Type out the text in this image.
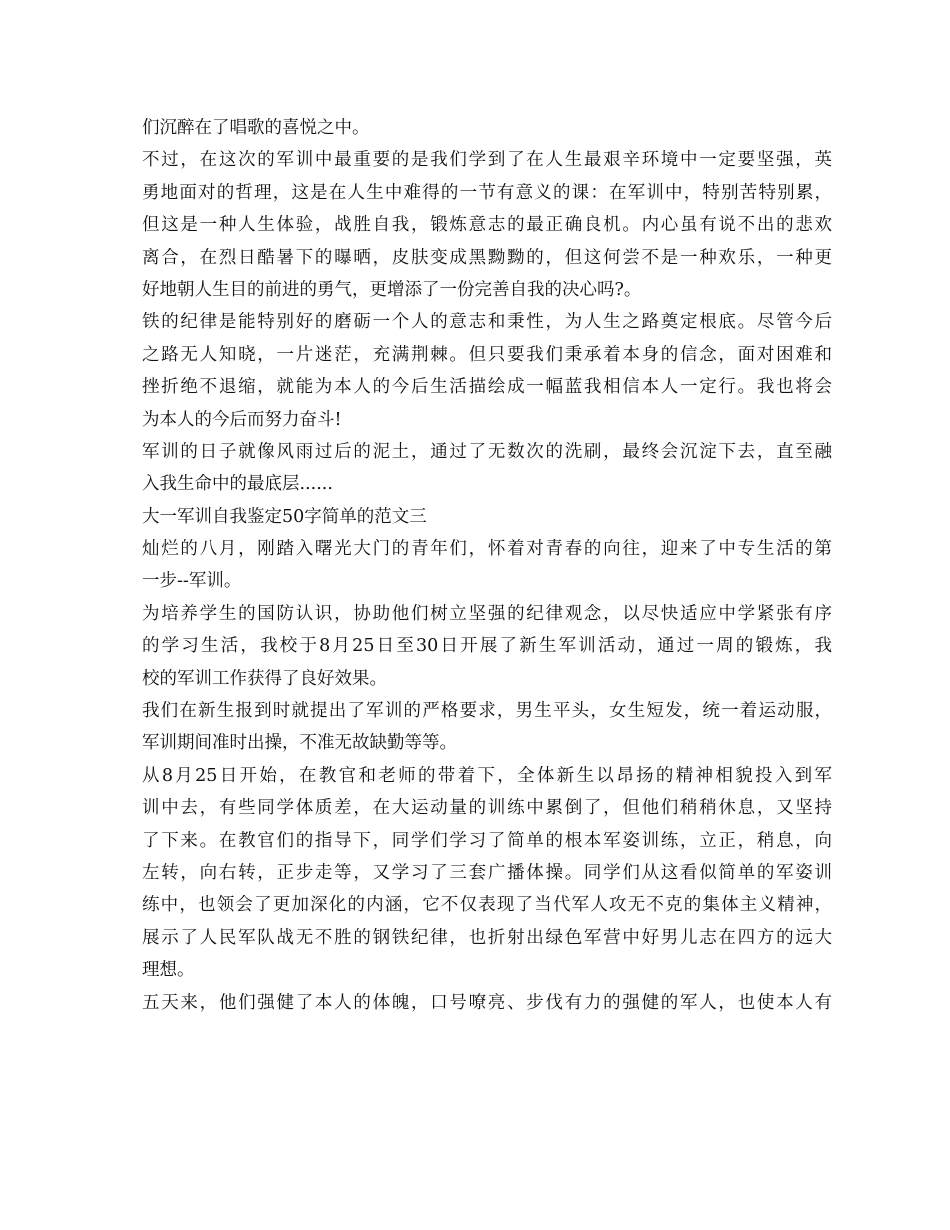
们沉醉在了唱歌的喜悦之中。
不过，在这次的军训中最重要的是我们学到了在人生最艰辛环境中一定要坚强，英
勇地面对的哲理，这是在人生中难得的一节有意义的课：在军训中，特别苦特别累，
但这是一种人生体验，战胜自我，锻炼意志的最正确良机。内心虽有说不出的悲欢
离合，在烈日酷暑下的曝晒，皮肤变成黑黝黝的，但这何尝不是一种欢乐，一种更
好地朝人生目的前进的勇气，更增添了一份完善自我的决心吗?。
铁的纪律是能特别好的磨砺一个人的意志和秉性，为人生之路奠定根底。尽管今后
之路无人知晓，一片迷茫，充满荆棘。但只要我们秉承着本身的信念，面对困难和
挫折绝不退缩，就能为本人的今后生活描绘成一幅蓝我相信本人一定行。我也将会
为本人的今后而努力奋斗!
军训的日子就像风雨过后的泥土，通过了无数次的洗刷，最终会沉淀下去，直至融
入我生命中的最底层......
大一军训自我鉴定50字简单的范文三
灿烂的八月，刚踏入曙光大门的青年们，怀着对青春的向往，迎来了中专生活的第
一步--军训。
为培养学生的国防认识，协助他们树立坚强的纪律观念，以尽快适应中学紧张有序
的学习生活，我校于8月25日至30日开展了新生军训活动，通过一周的锻炼，我
校的军训工作获得了良好效果。
我们在新生报到时就提出了军训的严格要求，男生平头，女生短发，统一着运动服，
军训期间准时出操，不准无故缺勤等等。
从8月25日开始，在教官和老师的带着下，全体新生以昂扬的精神相貌投入到军
训中去，有些同学体质差，在大运动量的训练中累倒了，但他们稍稍休息，又坚持
了下来。在教官们的指导下，同学们学习了简单的根本军姿训练，立正，稍息，向
左转，向右转，正步走等，又学习了三套广播体操。同学们从这看似简单的军姿训
练中，也领会了更加深化的内涵，它不仅表现了当代军人攻无不克的集体主义精神，
展示了人民军队战无不胜的钢铁纪律，也折射出绿色军营中好男儿志在四方的远大
理想。
五天来，他们强健了本人的体魄，口号嘹亮、步伐有力的强健的军人，也使本人有
